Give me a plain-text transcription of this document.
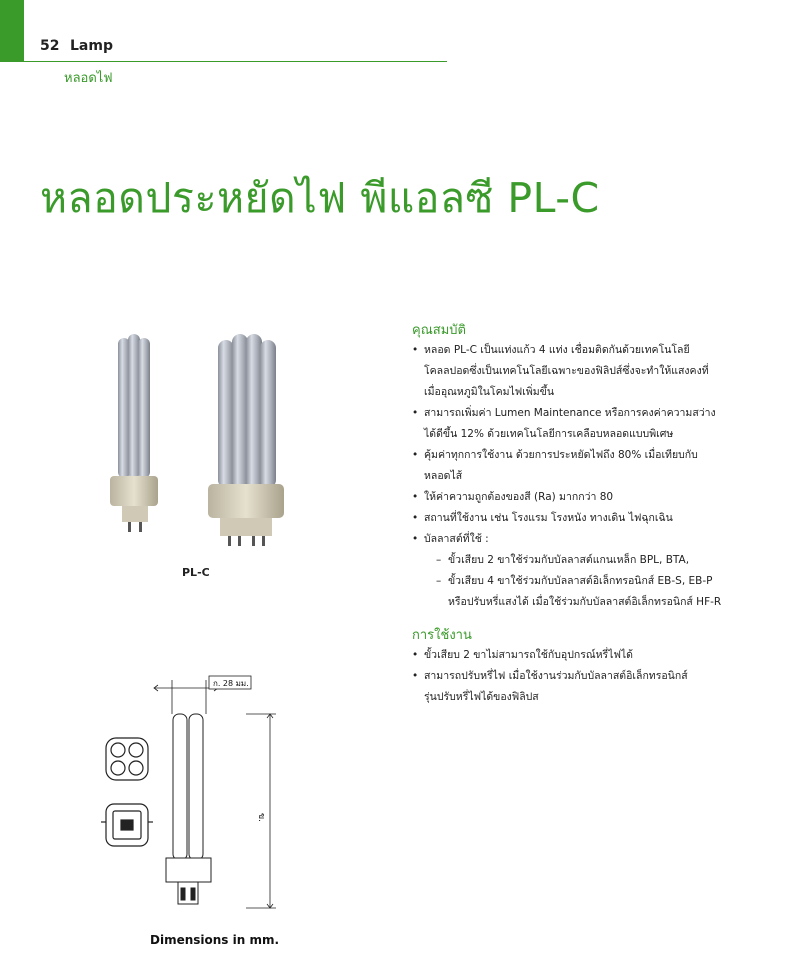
52 Lamp
หลอดไฟ
หลอดประหยัดไฟ พีแอลซี PL-C
PL-C
ก. 28 มม.
ข.
Dimensions in mm.
คุณสมบัติ
• หลอด PL-C เป็นแท่งแก้ว 4 แท่ง เชื่อมติดกันด้วยเทคโนโลยี
โคลลปอดซึ่งเป็นเทคโนโลยีเฉพาะของฟิลิปส์ซึ่งจะทำให้แสงคงที่
เมื่ออุณหภูมิในโคมไฟเพิ่มขึ้น
• สามารถเพิ่มค่า Lumen Maintenance หรือการคงค่าความสว่าง
ได้ดีขึ้น 12% ด้วยเทคโนโลยีการเคลือบหลอดแบบพิเศษ
• คุ้มค่าทุกการใช้งาน ด้วยการประหยัดไฟถึง 80% เมื่อเทียบกับ
หลอดไส้
• ให้ค่าความถูกต้องของสี (Ra) มากกว่า 80
• สถานที่ใช้งาน เช่น โรงแรม โรงหนัง ทางเดิน ไฟฉุกเฉิน
• บัลลาสต์ที่ใช้ :
– ขั้วเสียบ 2 ขาใช้ร่วมกับบัลลาสต์แกนเหล็ก BPL, BTA,
– ขั้วเสียบ 4 ขาใช้ร่วมกับบัลลาสต์อิเล็กทรอนิกส์ EB-S, EB-P
หรือปรับหรี่แสงได้ เมื่อใช้ร่วมกับบัลลาสต์อิเล็กทรอนิกส์ HF-R
การใช้งาน
• ขั้วเสียบ 2 ขาไม่สามารถใช้กับอุปกรณ์หรี่ไฟได้
• สามารถปรับหรี่ไฟ เมื่อใช้งานร่วมกับบัลลาสต์อิเล็กทรอนิกส์
รุ่นปรับหรี่ไฟได้ของฟิลิปส
